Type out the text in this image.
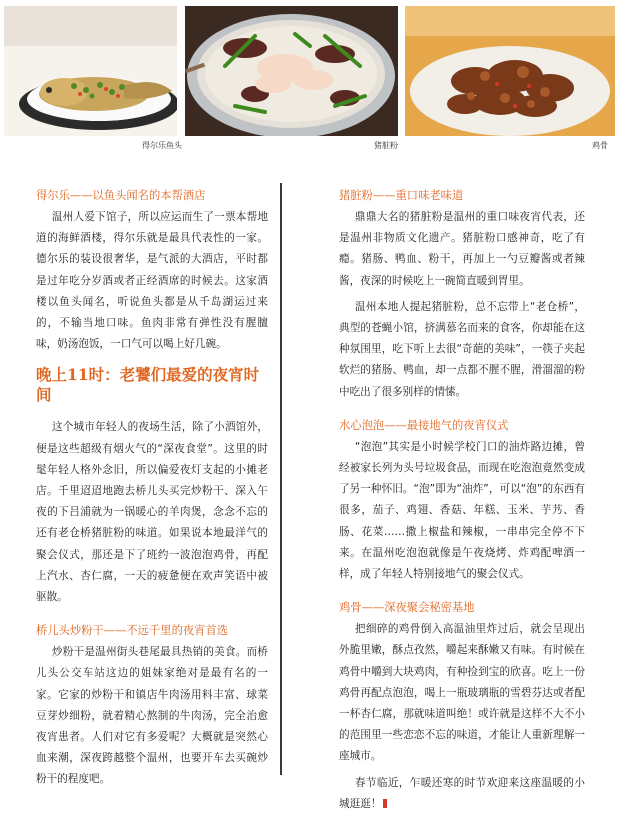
得尔乐鱼头	猪脏粉	鸡骨
得尔乐——以鱼头闻名的本帮酒店
温州人爱下馆子，所以应运而生了一票本帮地道的海鲜酒楼，得尔乐就是最具代表性的一家。德尔乐的装设很奢华，是气派的大酒店，平时都是过年吃分岁酒或者正经酒席的时候去。这家酒楼以鱼头闻名，听说鱼头都是从千岛湖运过来的，不输当地口味。鱼肉非常有弹性没有腥膻味，奶汤泡饭，一口气可以喝上好几碗。
晚上11时：老饕们最爱的夜宵时间
这个城市年轻人的夜场生活，除了小酒馆外，便是这些超级有烟火气的“深夜食堂”。这里的时髦年轻人格外念旧，所以偏爱夜灯支起的小摊老店。千里迢迢地跑去桥儿头买完炒粉干、深入午夜的下吕浦就为一锅暖心的羊肉煲，念念不忘的还有老仓桥猪脏粉的味道。如果说本地最洋气的聚会仪式，那还是下了班约一波泡泡鸡骨，再配上汽水、杏仁腐，一天的疲惫便在欢声笑语中被驱散。
桥儿头炒粉干——不远千里的夜宵首选
炒粉干是温州街头巷尾最具热销的美食。而桥儿头公交车站这边的姐妹家绝对是最有名的一家。它家的炒粉干和镇店牛肉汤用料丰富、球菜豆芽炒细粉，就着精心熬制的牛肉汤，完全治愈夜宵患者。人们对它有多爱呢？大概就是突然心血来潮，深夜跨越整个温州，也要开车去买碗炒粉干的程度吧。
猪脏粉——重口味老味道
鼎鼎大名的猪脏粉是温州的重口味夜宵代表，还是温州非物质文化遗产。猪脏粉口感神奇，吃了有瘾。猪肠、鸭血、粉干，再加上一勺豆瓣酱或者辣酱，夜深的时候吃上一碗简直暖到胃里。
温州本地人提起猪脏粉，总不忘带上“老仓桥”，典型的苍蝇小馆，挤满慕名而来的食客，你却能在这种氛围里，吃下听上去很“奇葩的美味”，一筷子夹起软烂的猪肠、鸭血，却一点都不腥不腥，滑溜溜的粉中吃出了很多别样的情愫。
水心泡泡——最接地气的夜宵仪式
“泡泡”其实是小时候学校门口的油炸路边摊，曾经被家长列为头号垃圾食品，而现在吃泡泡竟然变成了另一种怀旧。“泡”即为“油炸”，可以“泡”的东西有很多，茄子、鸡翅、香菇、年糕、玉米、芋艿、香肠、花菜……撒上椒盐和辣椒，一串串完全停不下来。在温州吃泡泡就像是午夜烧烤、炸鸡配啤酒一样，成了年轻人特别接地气的聚会仪式。
鸡骨——深夜聚会秘密基地
把细碎的鸡骨倒入高温油里炸过后，就会呈现出外脆里嫩，酥点孜然，嚼起来酥嫩又有味。有时候在鸡骨中嚼到大块鸡肉，有种捡到宝的欣喜。吃上一份鸡骨再配点泡泡，喝上一瓶玻璃瓶的雪碧芬达或者配一杯杏仁腐，那就味道叫绝！或许就是这样不大不小的范围里一些恋恋不忘的味道，才能让人重新理解一座城市。
春节临近，乍暖还寒的时节欢迎来这座温暖的小城逛逛！
